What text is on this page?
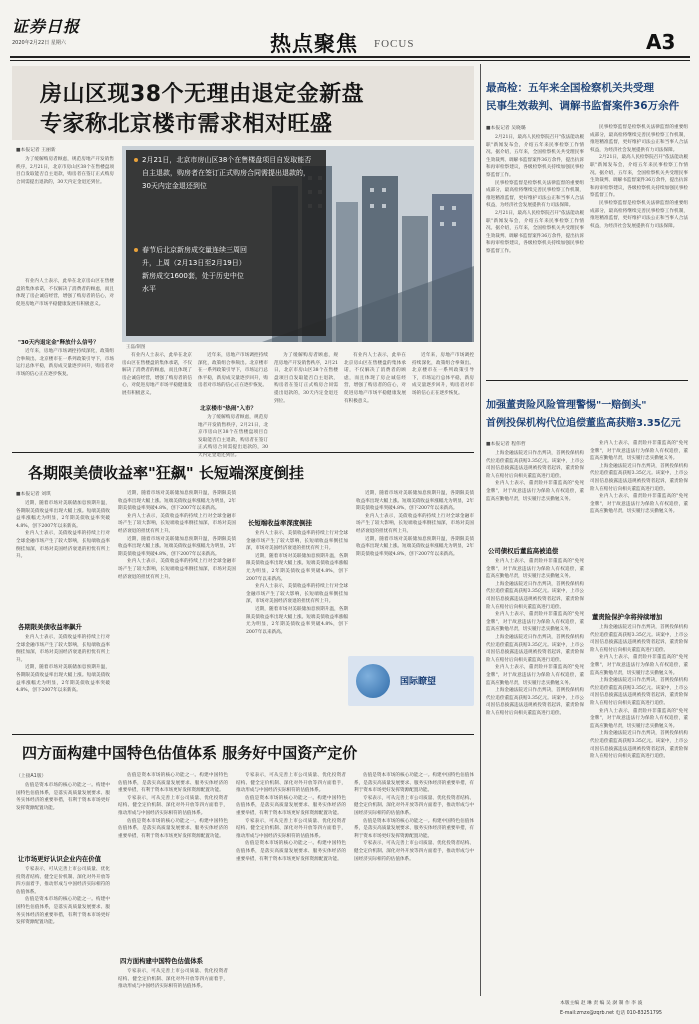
证券日报
2020年2月22日 星期六	热点聚焦 FOCUS	A3
房山区现38个无理由退定金新盘
专家称北京楼市需求相对旺盛
■本报记者 王丽新

为了缓解购房者顾虑，规范房地产开发销售秩序，2月21日，北京市房山区38个在售楼盘项目自发取能否自主退款，购房者在签订正式购房合同需提出退款的，30天内定金退还到位。

有业内人士表示，此举在北京房山区在售楼盘的集体承诺，不仅解决了消费者的顾虑，而且体现了房企诚信经营，增强了购房者的信心，对促进房地产市场平稳健康发展有积极意义。

"30天内退定金"释放什么信号？

近年来，房地产市场调控持续深化，政策组合拳频出。北京楼市在一系列政策引导下，市场运行总体平稳，新房成交量逐步回升，购房者对市场的信心正在逐步恢复。

2月21日，北京市房山区38个在售楼盘项目自发取能否自主退款，购房者在签订正式购房合同需提出退款的，30天内定金退还到位
春节后北京新房成交量连续三周回升，上周（2月13日至2月19日）新房成交1600套，处于历史中位水平
王磊/制图

有业内人士表示，此举在北京房山区在售楼盘的集体承诺，不仅解决了消费者的顾虑，而且体现了房企诚信经营，增强了购房者的信心，对促进房地产市场平稳健康发展有积极意义。

近年来，房地产市场调控持续深化，政策组合拳频出。北京楼市在一系列政策引导下，市场运行总体平稳，新房成交量逐步回升，购房者对市场的信心正在逐步恢复。

北京楼市"热闹"入市？

为了缓解购房者顾虑，规范房地产开发销售秩序，2月21日，北京市房山区38个在售楼盘项目自发取能否自主退款，购房者在签订正式购房合同需提出退款的，30天内定金退还到位。

为了缓解购房者顾虑，规范房地产开发销售秩序，2月21日，北京市房山区38个在售楼盘项目自发取能否自主退款，购房者在签订正式购房合同需提出退款的，30天内定金退还到位。

有业内人士表示，此举在北京房山区在售楼盘的集体承诺，不仅解决了消费者的顾虑，而且体现了房企诚信经营，增强了购房者的信心，对促进房地产市场平稳健康发展有积极意义。

近年来，房地产市场调控持续深化，政策组合拳频出。北京楼市在一系列政策引导下，市场运行总体平稳，新房成交量逐步回升，购房者对市场的信心正在逐步恢复。

最高检：五年来全国检察机关共受理
民事生效裁判、调解书监督案件36万余件
■本报记者 吴晓璐

2月21日，最高人民检察院召开"依法能动履职"新闻发布会，介绍五年来民事检察工作情况。据介绍，五年来，全国检察机关共受理民事生效裁判、调解书监督案件36万余件，提出抗诉和再审检察建议，各级检察机关持续加强民事检察监督工作。

民事检察监督是检察机关法律监督的重要组成部分，最高检将继续完善民事检察工作机制，推进精准监督，更好维护司法公正和当事人合法权益，为经济社会发展提供有力司法保障。

2月21日，最高人民检察院召开"依法能动履职"新闻发布会，介绍五年来民事检察工作情况。据介绍，五年来，全国检察机关共受理民事生效裁判、调解书监督案件36万余件，提出抗诉和再审检察建议，各级检察机关持续加强民事检察监督工作。

民事检察监督是检察机关法律监督的重要组成部分，最高检将继续完善民事检察工作机制，推进精准监督，更好维护司法公正和当事人合法权益，为经济社会发展提供有力司法保障。

2月21日，最高人民检察院召开"依法能动履职"新闻发布会，介绍五年来民事检察工作情况。据介绍，五年来，全国检察机关共受理民事生效裁判、调解书监督案件36万余件，提出抗诉和再审检察建议，各级检察机关持续加强民事检察监督工作。

民事检察监督是检察机关法律监督的重要组成部分，最高检将继续完善民事检察工作机制，推进精准监督，更好维护司法公正和当事人合法权益，为经济社会发展提供有力司法保障。

加强董责险风险管理警惕"一赔倒头"
首例投保机构代位追偿董监高获赔3.35亿元
■本报记者 程伟哲

上海金融法院近日作出判决，首例投保机构代位追偿董监高获赔3.35亿元。该案中，上市公司因信息披露违法违规被投资者起诉，董责险保险人在赔付后向相关董监高进行追偿。

业内人士表示，董责险并非董监高的"免死金牌"，对于故意违法行为保险人有权追偿，董监高应勤勉尽责，切实履行忠实勤勉义务。

公司债权后董监高被追偿

业内人士表示，董责险并非董监高的"免死金牌"，对于故意违法行为保险人有权追偿，董监高应勤勉尽责，切实履行忠实勤勉义务。

上海金融法院近日作出判决，首例投保机构代位追偿董监高获赔3.35亿元。该案中，上市公司因信息披露违法违规被投资者起诉，董责险保险人在赔付后向相关董监高进行追偿。

业内人士表示，董责险并非董监高的"免死金牌"，对于故意违法行为保险人有权追偿，董监高应勤勉尽责，切实履行忠实勤勉义务。

上海金融法院近日作出判决，首例投保机构代位追偿董监高获赔3.35亿元。该案中，上市公司因信息披露违法违规被投资者起诉，董责险保险人在赔付后向相关董监高进行追偿。

业内人士表示，董责险并非董监高的"免死金牌"，对于故意违法行为保险人有权追偿，董监高应勤勉尽责，切实履行忠实勤勉义务。

上海金融法院近日作出判决，首例投保机构代位追偿董监高获赔3.35亿元。该案中，上市公司因信息披露违法违规被投资者起诉，董责险保险人在赔付后向相关董监高进行追偿。

业内人士表示，董责险并非董监高的"免死金牌"，对于故意违法行为保险人有权追偿，董监高应勤勉尽责，切实履行忠实勤勉义务。

上海金融法院近日作出判决，首例投保机构代位追偿董监高获赔3.35亿元。该案中，上市公司因信息披露违法违规被投资者起诉，董责险保险人在赔付后向相关董监高进行追偿。

业内人士表示，董责险并非董监高的"免死金牌"，对于故意违法行为保险人有权追偿，董监高应勤勉尽责，切实履行忠实勤勉义务。

董责险保护伞将持续增加

上海金融法院近日作出判决，首例投保机构代位追偿董监高获赔3.35亿元。该案中，上市公司因信息披露违法违规被投资者起诉，董责险保险人在赔付后向相关董监高进行追偿。

业内人士表示，董责险并非董监高的"免死金牌"，对于故意违法行为保险人有权追偿，董监高应勤勉尽责，切实履行忠实勤勉义务。

上海金融法院近日作出判决，首例投保机构代位追偿董监高获赔3.35亿元。该案中，上市公司因信息披露违法违规被投资者起诉，董责险保险人在赔付后向相关董监高进行追偿。

业内人士表示，董责险并非董监高的"免死金牌"，对于故意违法行为保险人有权追偿，董监高应勤勉尽责，切实履行忠实勤勉义务。

上海金融法院近日作出判决，首例投保机构代位追偿董监高获赔3.35亿元。该案中，上市公司因信息披露违法违规被投资者起诉，董责险保险人在赔付后向相关董监高进行追偿。

各期限美债收益率"狂飙" 长短端深度倒挂
■本报记者 刘琪

近期，随着市场对美联储加息预期升温，各期限美债收益率出现大幅上涨。短端美债收益率涨幅尤为明显，2年期美债收益率突破4.8%，创下2007年以来新高。

业内人士表示，美债收益率的持续上行对全球金融市场产生了较大影响，长短端收益率倒挂加深，市场对美国经济衰退的担忧有所上升。

各期限美债收益率飙升

业内人士表示，美债收益率的持续上行对全球金融市场产生了较大影响，长短端收益率倒挂加深，市场对美国经济衰退的担忧有所上升。

近期，随着市场对美联储加息预期升温，各期限美债收益率出现大幅上涨。短端美债收益率涨幅尤为明显，2年期美债收益率突破4.8%，创下2007年以来新高。

近期，随着市场对美联储加息预期升温，各期限美债收益率出现大幅上涨。短端美债收益率涨幅尤为明显，2年期美债收益率突破4.8%，创下2007年以来新高。

业内人士表示，美债收益率的持续上行对全球金融市场产生了较大影响，长短端收益率倒挂加深，市场对美国经济衰退的担忧有所上升。

近期，随着市场对美联储加息预期升温，各期限美债收益率出现大幅上涨。短端美债收益率涨幅尤为明显，2年期美债收益率突破4.8%，创下2007年以来新高。

业内人士表示，美债收益率的持续上行对全球金融市场产生了较大影响，长短端收益率倒挂加深，市场对美国经济衰退的担忧有所上升。

长短端收益率深度倒挂

业内人士表示，美债收益率的持续上行对全球金融市场产生了较大影响，长短端收益率倒挂加深，市场对美国经济衰退的担忧有所上升。

近期，随着市场对美联储加息预期升温，各期限美债收益率出现大幅上涨。短端美债收益率涨幅尤为明显，2年期美债收益率突破4.8%，创下2007年以来新高。

业内人士表示，美债收益率的持续上行对全球金融市场产生了较大影响，长短端收益率倒挂加深，市场对美国经济衰退的担忧有所上升。

近期，随着市场对美联储加息预期升温，各期限美债收益率出现大幅上涨。短端美债收益率涨幅尤为明显，2年期美债收益率突破4.8%，创下2007年以来新高。

近期，随着市场对美联储加息预期升温，各期限美债收益率出现大幅上涨。短端美债收益率涨幅尤为明显，2年期美债收益率突破4.8%，创下2007年以来新高。

业内人士表示，美债收益率的持续上行对全球金融市场产生了较大影响，长短端收益率倒挂加深，市场对美国经济衰退的担忧有所上升。

近期，随着市场对美联储加息预期升温，各期限美债收益率出现大幅上涨。短端美债收益率涨幅尤为明显，2年期美债收益率突破4.8%，创下2007年以来新高。

国际瞭望
四方面构建中国特色估值体系 服务好中国资产定价
（上接A1版）

估值是资本市场的核心功能之一。构建中国特色估值体系，是落实高质量发展要求、服务实体经济的重要举措，有利于资本市场更好发挥资源配置功能。

让市场更好认识企业内在价值

专家表示，可从完善上市公司质量、优化投资者结构、健全定价机制、深化对外开放等四方面着手，推动形成与中国经济实际相符的估值体系。

估值是资本市场的核心功能之一。构建中国特色估值体系，是落实高质量发展要求、服务实体经济的重要举措，有利于资本市场更好发挥资源配置功能。

估值是资本市场的核心功能之一。构建中国特色估值体系，是落实高质量发展要求、服务实体经济的重要举措，有利于资本市场更好发挥资源配置功能。

专家表示，可从完善上市公司质量、优化投资者结构、健全定价机制、深化对外开放等四方面着手，推动形成与中国经济实际相符的估值体系。

估值是资本市场的核心功能之一。构建中国特色估值体系，是落实高质量发展要求、服务实体经济的重要举措，有利于资本市场更好发挥资源配置功能。

四方面构建中国特色估值体系

专家表示，可从完善上市公司质量、优化投资者结构、健全定价机制、深化对外开放等四方面着手，推动形成与中国经济实际相符的估值体系。

专家表示，可从完善上市公司质量、优化投资者结构、健全定价机制、深化对外开放等四方面着手，推动形成与中国经济实际相符的估值体系。

估值是资本市场的核心功能之一。构建中国特色估值体系，是落实高质量发展要求、服务实体经济的重要举措，有利于资本市场更好发挥资源配置功能。

专家表示，可从完善上市公司质量、优化投资者结构、健全定价机制、深化对外开放等四方面着手，推动形成与中国经济实际相符的估值体系。

估值是资本市场的核心功能之一。构建中国特色估值体系，是落实高质量发展要求、服务实体经济的重要举措，有利于资本市场更好发挥资源配置功能。

估值是资本市场的核心功能之一。构建中国特色估值体系，是落实高质量发展要求、服务实体经济的重要举措，有利于资本市场更好发挥资源配置功能。

专家表示，可从完善上市公司质量、优化投资者结构、健全定价机制、深化对外开放等四方面着手，推动形成与中国经济实际相符的估值体系。

估值是资本市场的核心功能之一。构建中国特色估值体系，是落实高质量发展要求、服务实体经济的重要举措，有利于资本市场更好发挥资源配置功能。

专家表示，可从完善上市公司质量、优化投资者结构、健全定价机制、深化对外开放等四方面着手，推动形成与中国经济实际相符的估值体系。

本版主编 赵 琳 责 编 吴 澍 制 作 李 波
E-mail:zmzx@zqrb.net 电话 010-83251795
